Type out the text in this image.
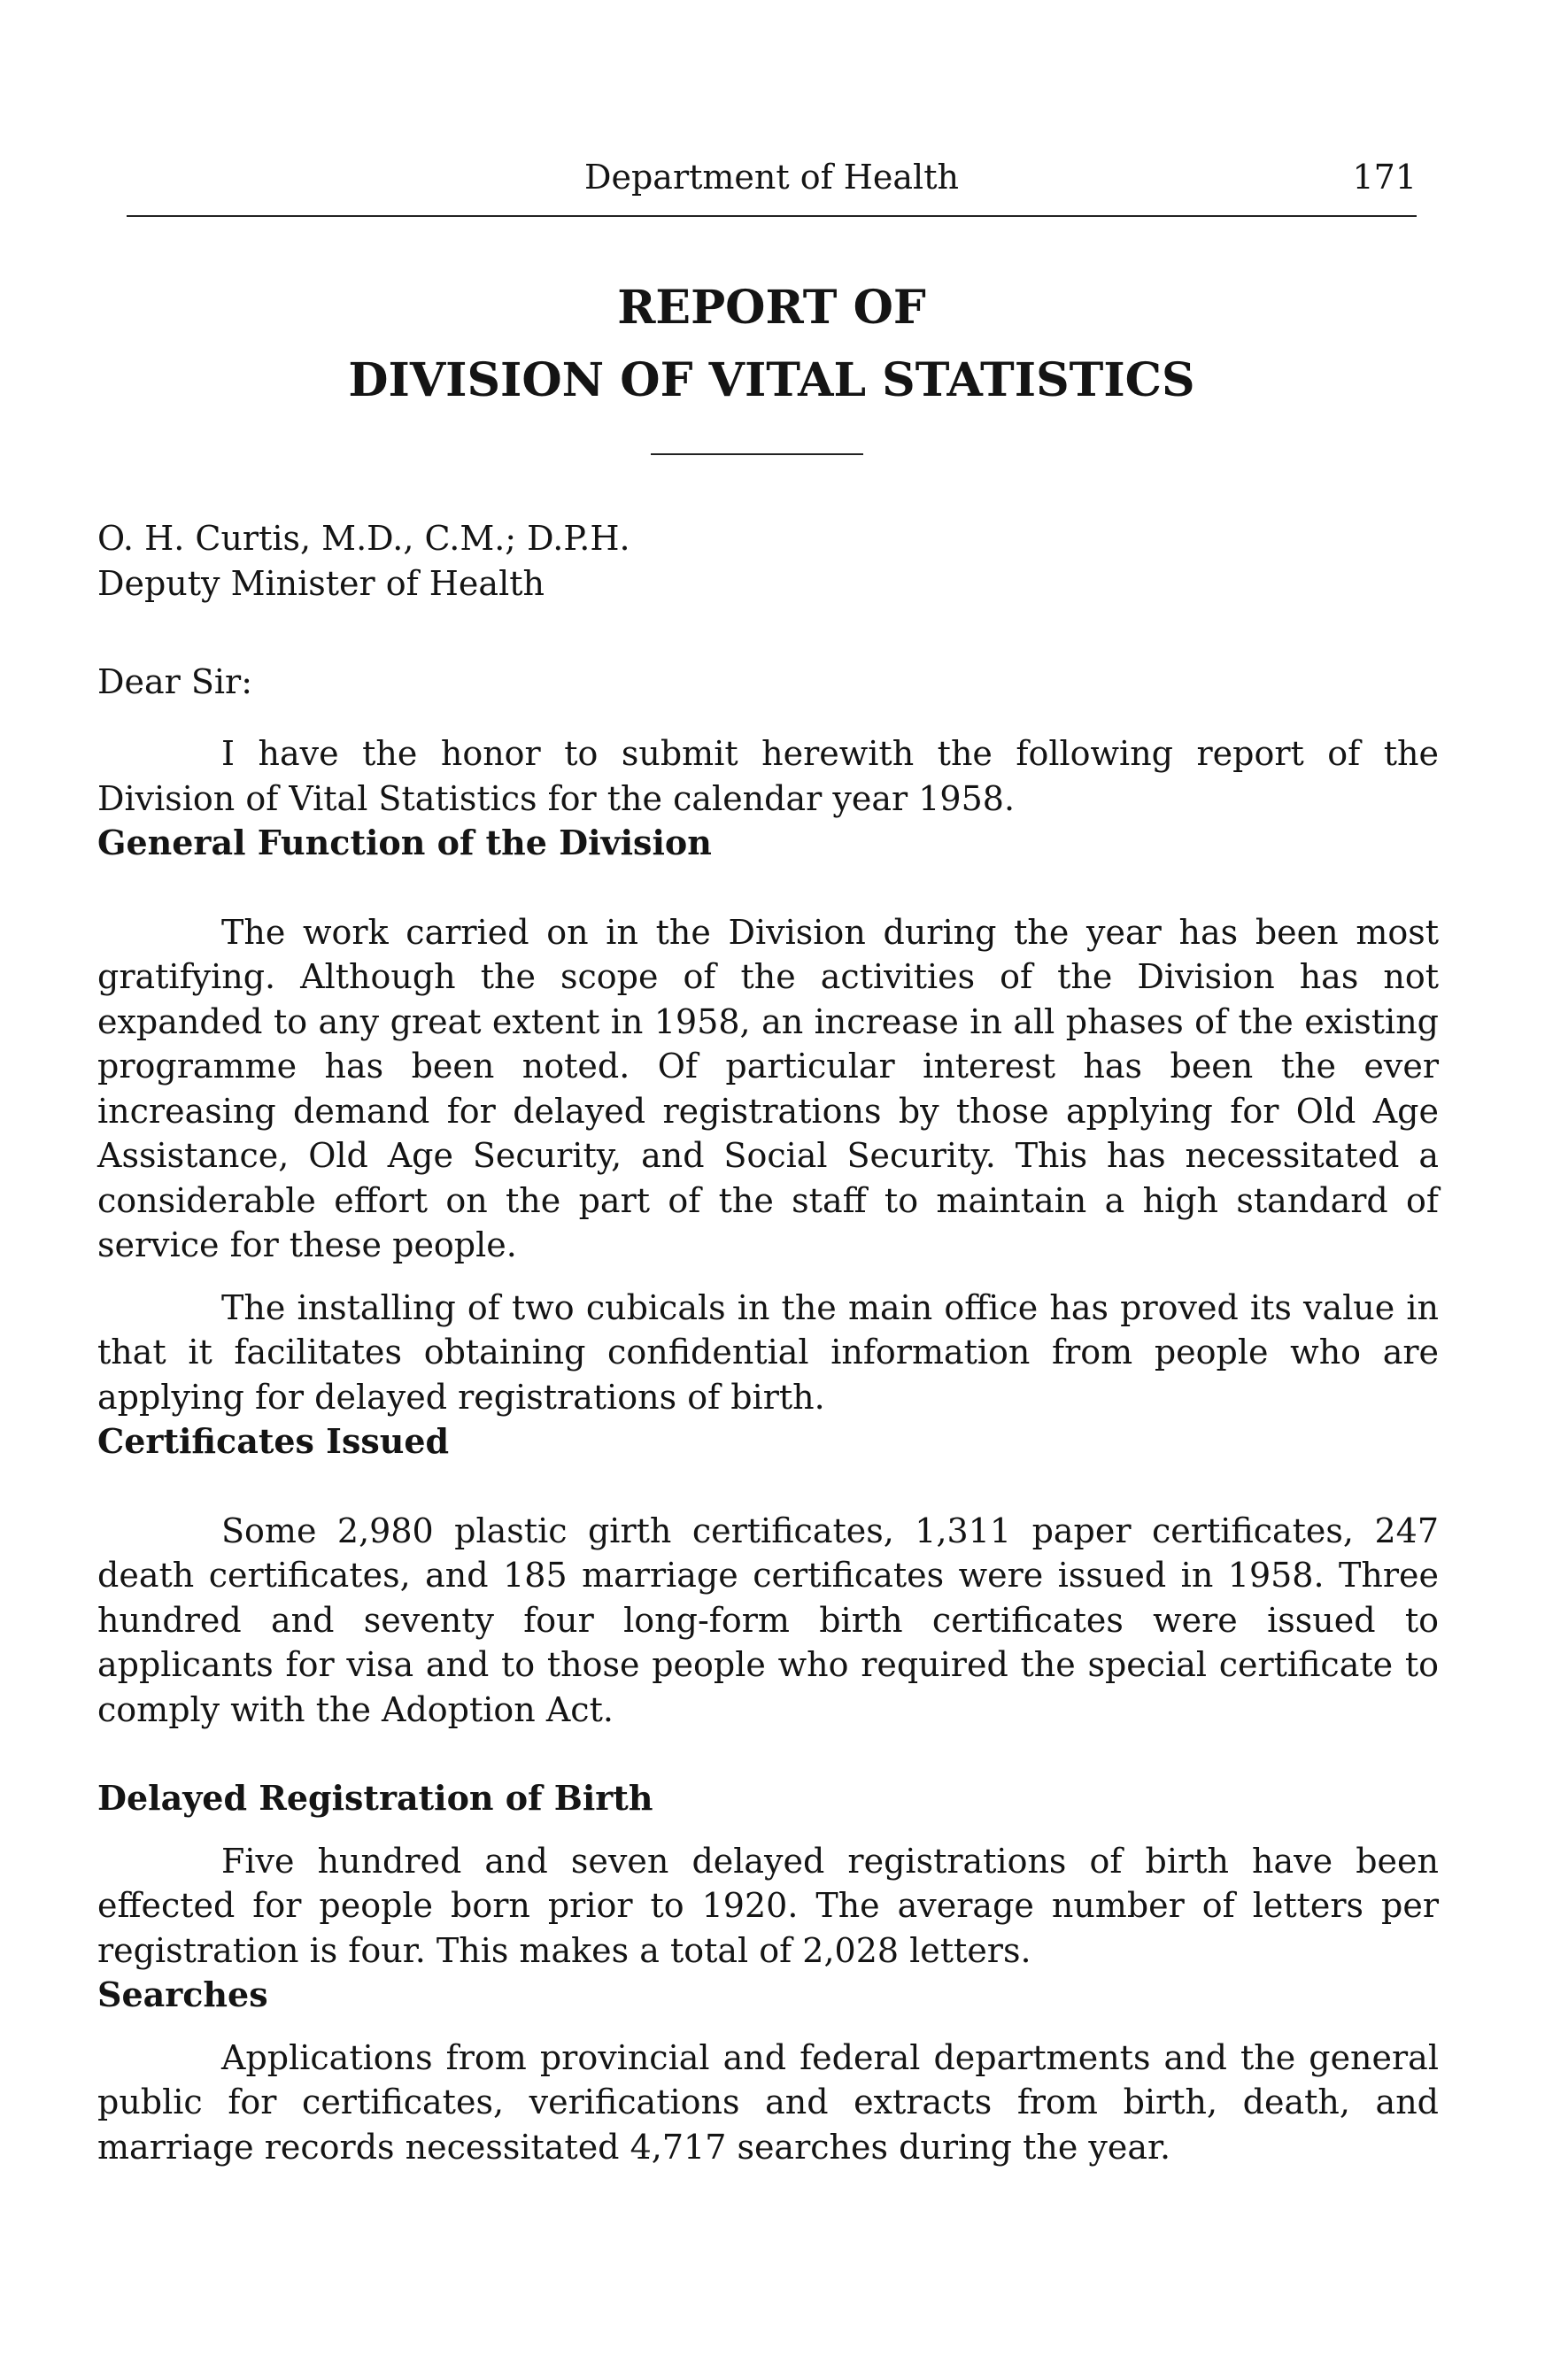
Department of Health	171
REPORT OF
DIVISION OF VITAL STATISTICS
O. H. Curtis, M.D., C.M.; D.P.H.
Deputy Minister of Health
Dear Sir:

I have the honor to submit herewith the following report of the Division of Vital Statistics for the calendar year 1958.

General Function of the Division

The work carried on in the Division during the year has been most gratifying. Although the scope of the activities of the Division has not expanded to any great extent in 1958, an increase in all phases of the existing programme has been noted. Of particular interest has been the ever increasing demand for delayed registrations by those applying for Old Age Assistance, Old Age Security, and Social Security. This has necessitated a considerable effort on the part of the staff to maintain a high standard of service for these people.

The installing of two cubicals in the main office has proved its value in that it facilitates obtaining confidential information from people who are applying for delayed registrations of birth.

Certificates Issued

Some 2,980 plastic girth certificates, 1,311 paper certificates, 247 death certificates, and 185 marriage certificates were issued in 1958. Three hundred and seventy four long-form birth certificates were issued to applicants for visa and to those people who required the special certificate to comply with the Adoption Act.

Delayed Registration of Birth

Five hundred and seven delayed registrations of birth have been effected for people born prior to 1920. The average number of letters per registration is four. This makes a total of 2,028 letters.

Searches

Applications from provincial and federal departments and the general public for certificates, verifications and extracts from birth, death, and marriage records necessitated 4,717 searches during the year.
